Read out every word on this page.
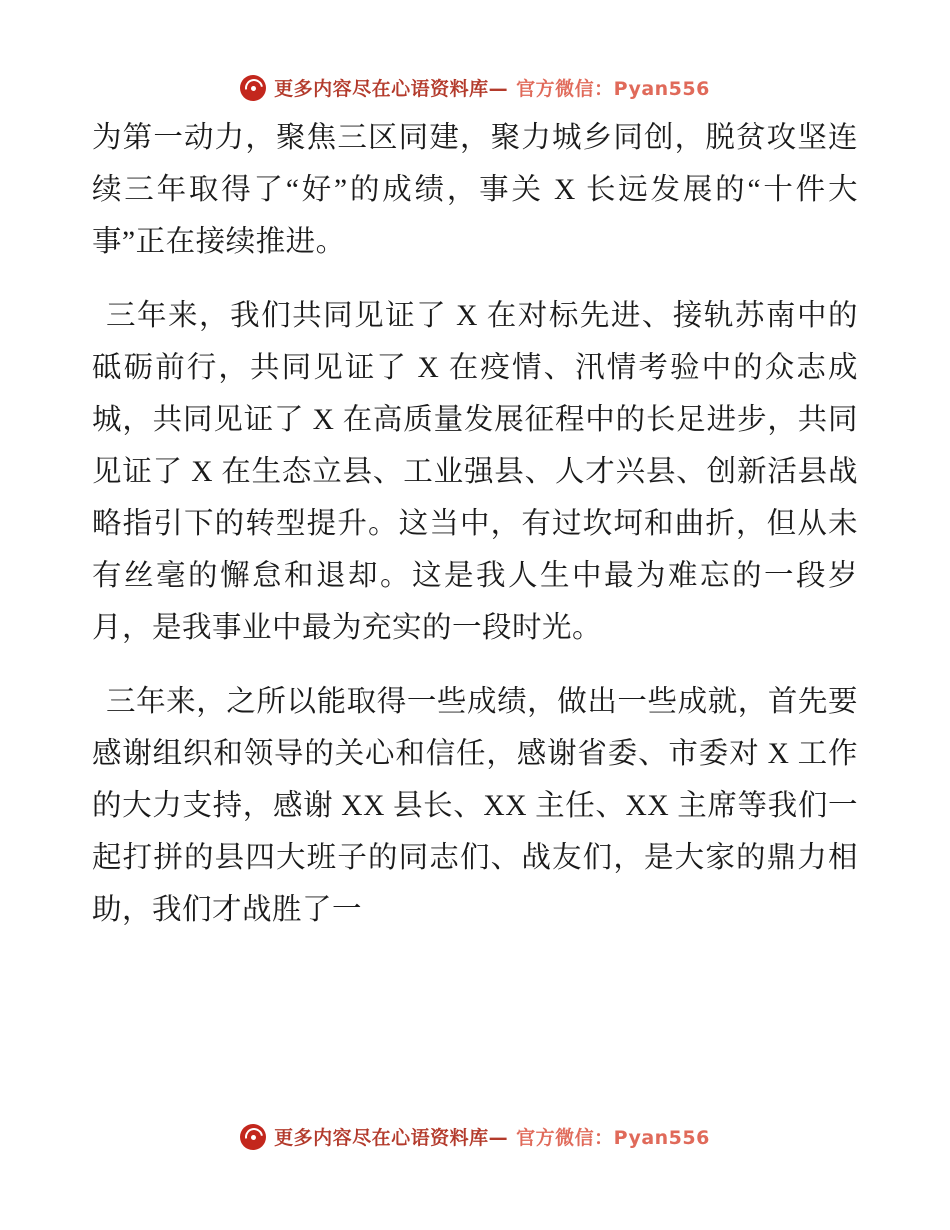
更多内容尽在心语资料库— 官方微信：Pyan556

为第一动力，聚焦三区同建，聚力城乡同创，脱贫攻坚连续三年取得了“好”的成绩，事关 X 长远发展的“十件大事”正在接续推进。

三年来，我们共同见证了 X 在对标先进、接轨苏南中的砥砺前行，共同见证了 X 在疫情、汛情考验中的众志成城，共同见证了 X 在高质量发展征程中的长足进步，共同见证了 X 在生态立县、工业强县、人才兴县、创新活县战略指引下的转型提升。这当中，有过坎坷和曲折，但从未有丝毫的懈怠和退却。这是我人生中最为难忘的一段岁月，是我事业中最为充实的一段时光。

三年来，之所以能取得一些成绩，做出一些成就，首先要感谢组织和领导的关心和信任，感谢省委、市委对 X 工作的大力支持，感谢 XX 县长、XX 主任、XX 主席等我们一起打拼的县四大班子的同志们、战友们，是大家的鼎力相助，我们才战胜了一

更多内容尽在心语资料库— 官方微信：Pyan556
